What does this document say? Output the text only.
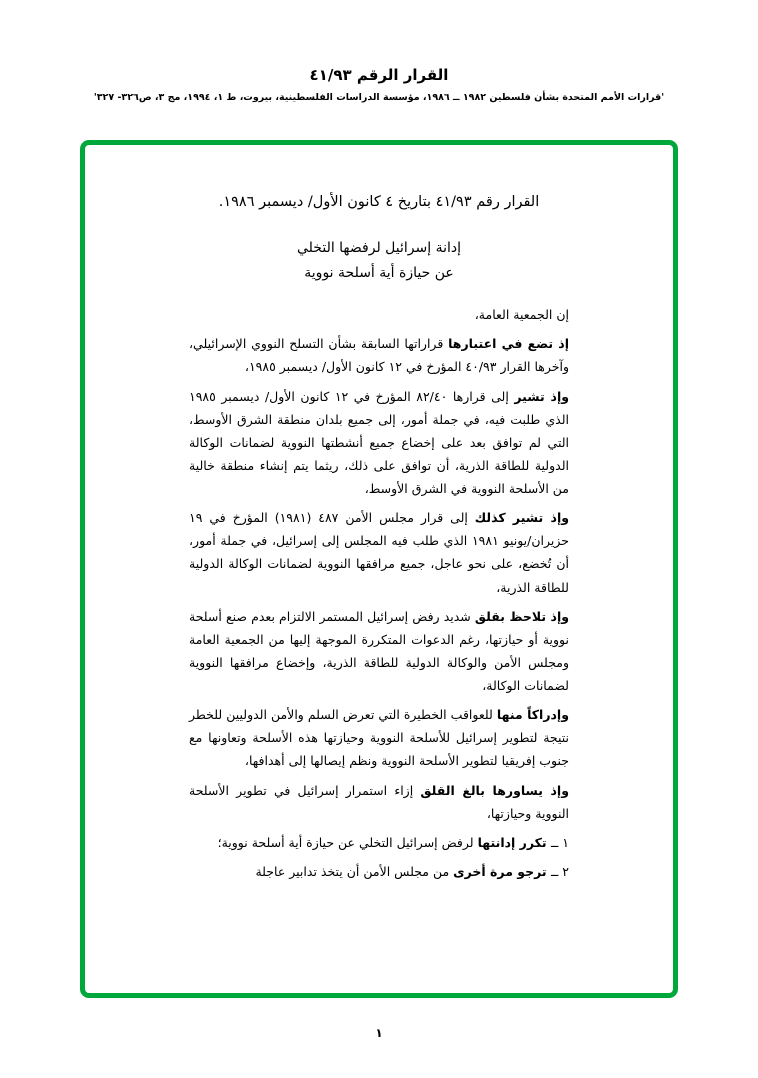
القرار الرقم ٤١/٩٣
'قرارات الأمم المتحدة بشأن فلسطين ١٩٨٢ ــ ١٩٨٦، مؤسسة الدراسات الفلسطينية، بيروت، ط ١، ١٩٩٤، مج ٣، ص٣٢٦- ٣٢٧'
القرار رقم ٤١/٩٣ بتاريخ ٤ كانون الأول/ ديسمبر ١٩٨٦.
إدانة إسرائيل لرفضها التخلي
عن حيازة أية أسلحة نووية

إن الجمعية العامة،

إذ تضع في اعتبارها قراراتها السابقة بشأن التسلح النووي الإسرائيلي، وآخرها القرار ٤٠/٩٣ المؤرخ في ١٢ كانون الأول/ ديسمبر ١٩٨٥،

وإذ تشير إلى قرارها ٨٢/٤٠ المؤرخ في ١٢ كانون الأول/ ديسمبر ١٩٨٥ الذي طلبت فيه، في جملة أمور، إلى جميع بلدان منطقة الشرق الأوسط، التي لم توافق بعد على إخضاع جميع أنشطتها النووية لضمانات الوكالة الدولية للطاقة الذرية، أن توافق على ذلك، ريثما يتم إنشاء منطقة خالية من الأسلحة النووية في الشرق الأوسط،

وإذ تشير كذلك إلى قرار مجلس الأمن ٤٨٧ (١٩٨١) المؤرخ في ١٩ حزيران/يونيو ١٩٨١ الذي طلب فيه المجلس إلى إسرائيل، في جملة أمور، أن تُخضع، على نحو عاجل، جميع مرافقها النووية لضمانات الوكالة الدولية للطاقة الذرية،

وإذ تلاحظ بقلق شديد رفض إسرائيل المستمر الالتزام بعدم صنع أسلحة نووية أو حيازتها، رغم الدعوات المتكررة الموجهة إليها من الجمعية العامة ومجلس الأمن والوكالة الدولية للطاقة الذرية، وإخضاع مرافقها النووية لضمانات الوكالة،

وإدراكاً منها للعواقب الخطيرة التي تعرض السلم والأمن الدوليين للخطر نتيجة لتطوير إسرائيل للأسلحة النووية وحيازتها هذه الأسلحة وتعاونها مع جنوب إفريقيا لتطوير الأسلحة النووية ونظم إيصالها إلى أهدافها،

وإذ يساورها بالغ القلق إزاء استمرار إسرائيل في تطوير الأسلحة النووية وحيازتها،

١ ــ تكرر إدانتها لرفض إسرائيل التخلي عن حيازة أية أسلحة نووية؛

٢ ــ ترجو مرة أخرى من مجلس الأمن أن يتخذ تدابير عاجلة

١
